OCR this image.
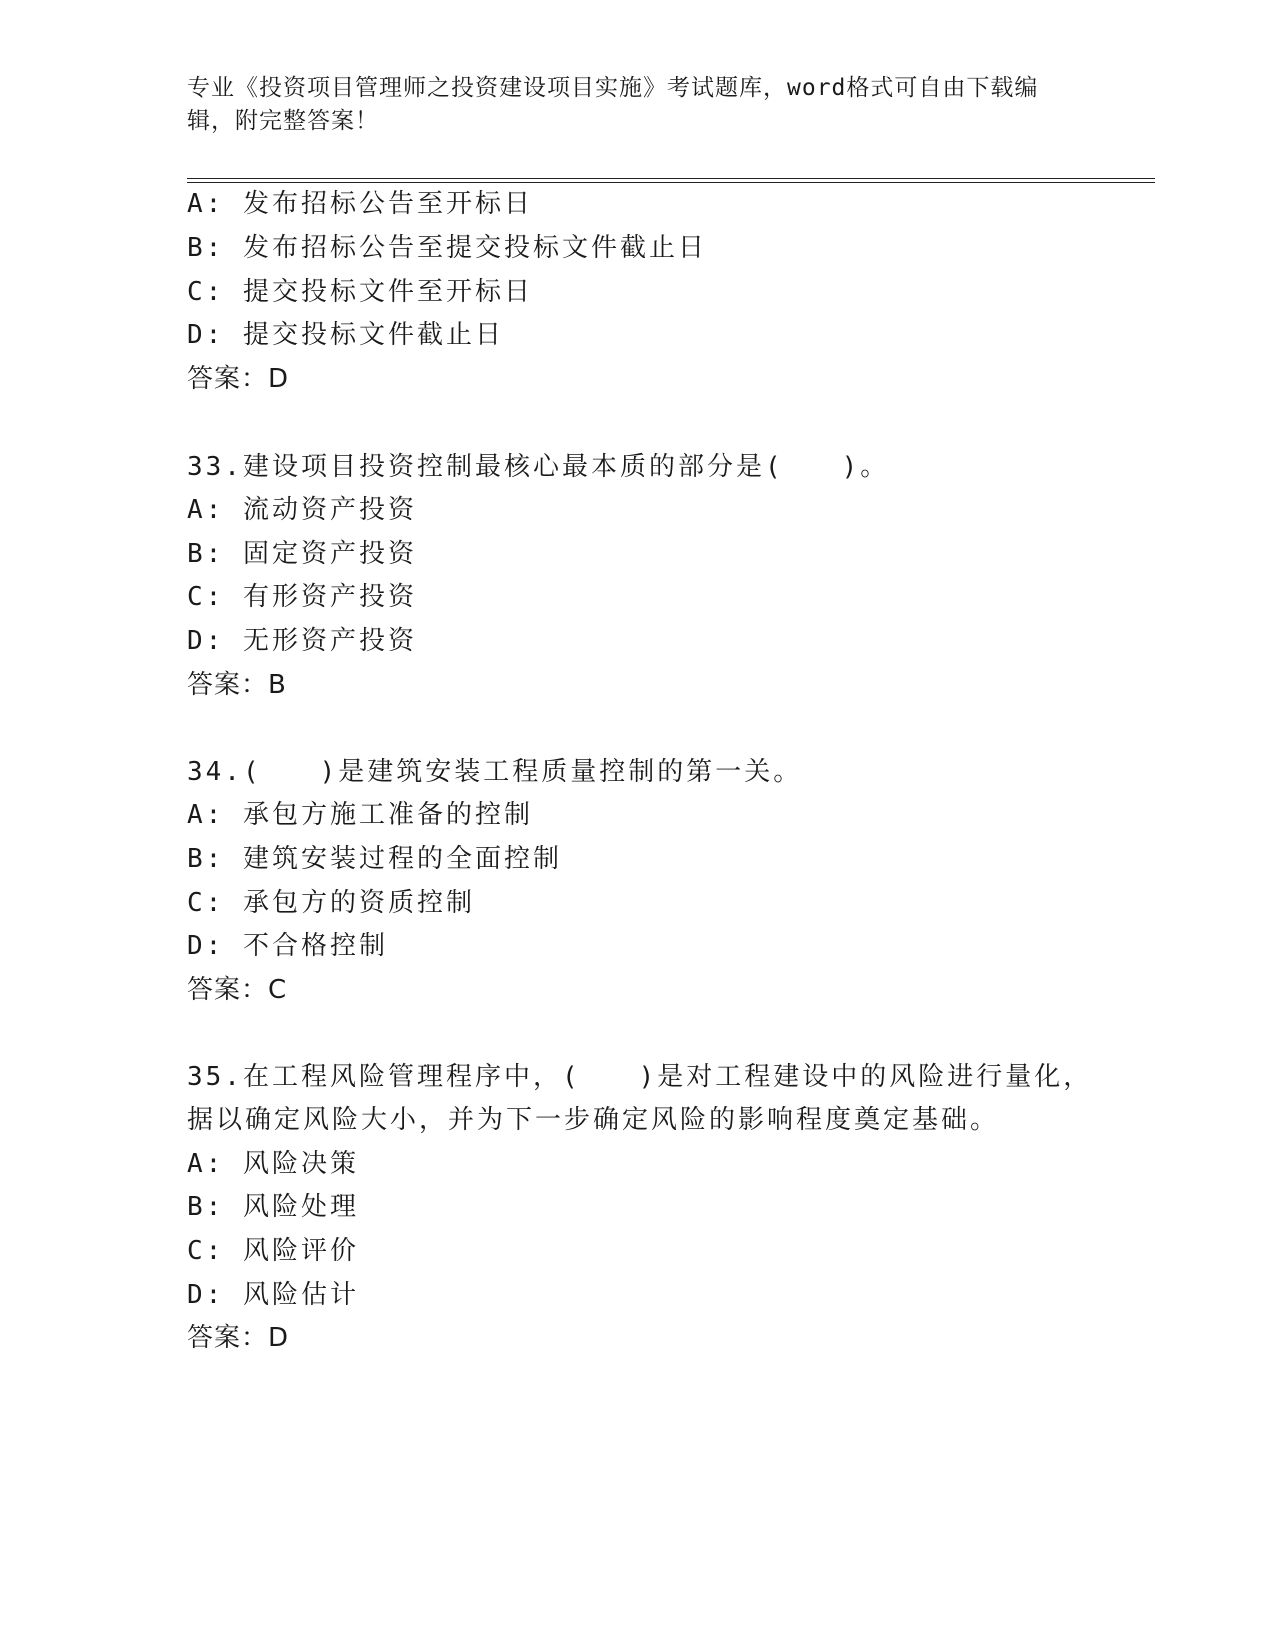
专业《投资项目管理师之投资建设项目实施》考试题库，word格式可自由下载编
辑，附完整答案！
A: 发布招标公告至开标日
B: 发布招标公告至提交投标文件截止日
C: 提交投标文件至开标日
D: 提交投标文件截止日
答案：D
33.建设项目投资控制最核心最本质的部分是(　　)。
A: 流动资产投资
B: 固定资产投资
C: 有形资产投资
D: 无形资产投资
答案：B
34.(　　)是建筑安装工程质量控制的第一关。
A: 承包方施工准备的控制
B: 建筑安装过程的全面控制
C: 承包方的资质控制
D: 不合格控制
答案：C
35.在工程风险管理程序中，(　　)是对工程建设中的风险进行量化，
据以确定风险大小，并为下一步确定风险的影响程度奠定基础。
A: 风险决策
B: 风险处理
C: 风险评价
D: 风险估计
答案：D
